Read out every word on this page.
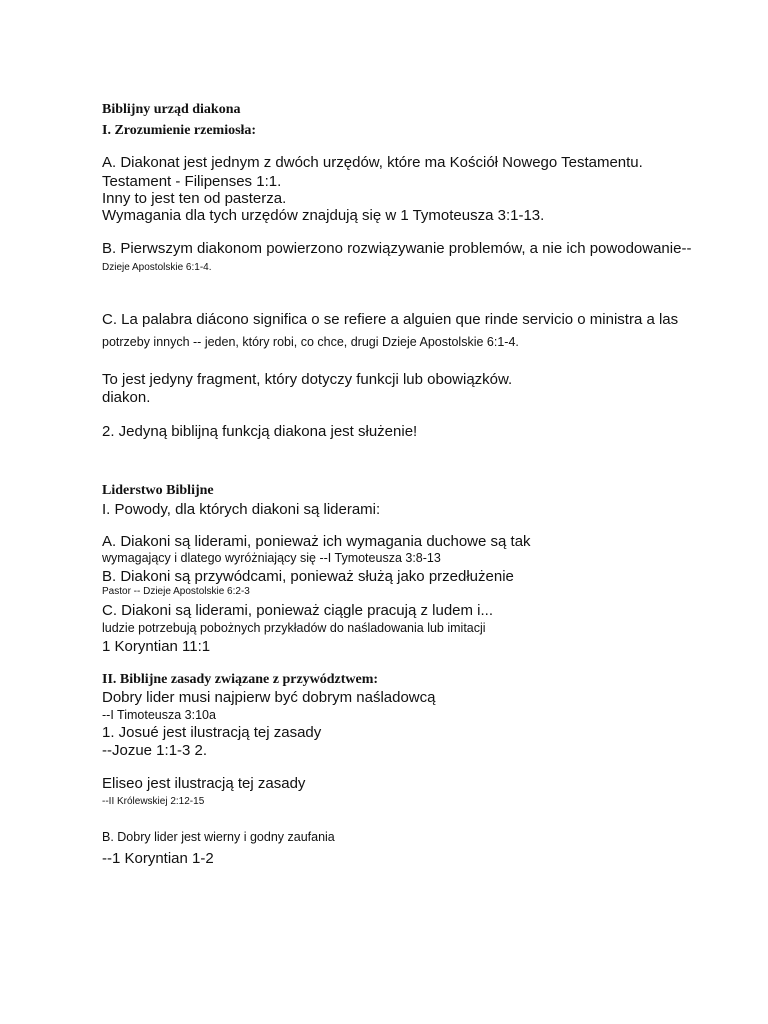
Biblijny urząd diakona
I. Zrozumienie rzemiosła:
A. Diakonat jest jednym z dwóch urzędów, które ma Kościół Nowego Testamentu.
Testament - Filipenses 1:1.
Inny to jest ten od pasterza.
Wymagania dla tych urzędów znajdują się w 1 Tymoteusza 3:1-13.
B. Pierwszym diakonom powierzono rozwiązywanie problemów, a nie ich powodowanie--
Dzieje Apostolskie 6:1-4.
C. La palabra diácono significa o se refiere a alguien que rinde servicio o ministra a las
potrzeby innych -- jeden, który robi, co chce, drugi Dzieje Apostolskie 6:1-4.
To jest jedyny fragment, który dotyczy funkcji lub obowiązków.
diakon.
2. Jedyną biblijną funkcją diakona jest służenie!
Liderstwo Biblijne
I. Powody, dla których diakoni są liderami:
A. Diakoni są liderami, ponieważ ich wymagania duchowe są tak
wymagający i dlatego wyróżniający się --I Tymoteusza 3:8-13
B. Diakoni są przywódcami, ponieważ służą jako przedłużenie
Pastor -- Dzieje Apostolskie 6:2-3
C. Diakoni są liderami, ponieważ ciągle pracują z ludem i...
ludzie potrzebują pobożnych przykładów do naśladowania lub imitacji
1 Koryntian 11:1
II. Biblijne zasady związane z przywództwem:
Dobry lider musi najpierw być dobrym naśladowcą
--I Timoteusza 3:10a
1. Josué jest ilustracją tej zasady
--Jozue 1:1-3 2.
Eliseo jest ilustracją tej zasady
--II Królewskiej 2:12-15
B. Dobry lider jest wierny i godny zaufania
--1 Koryntian 1-2
